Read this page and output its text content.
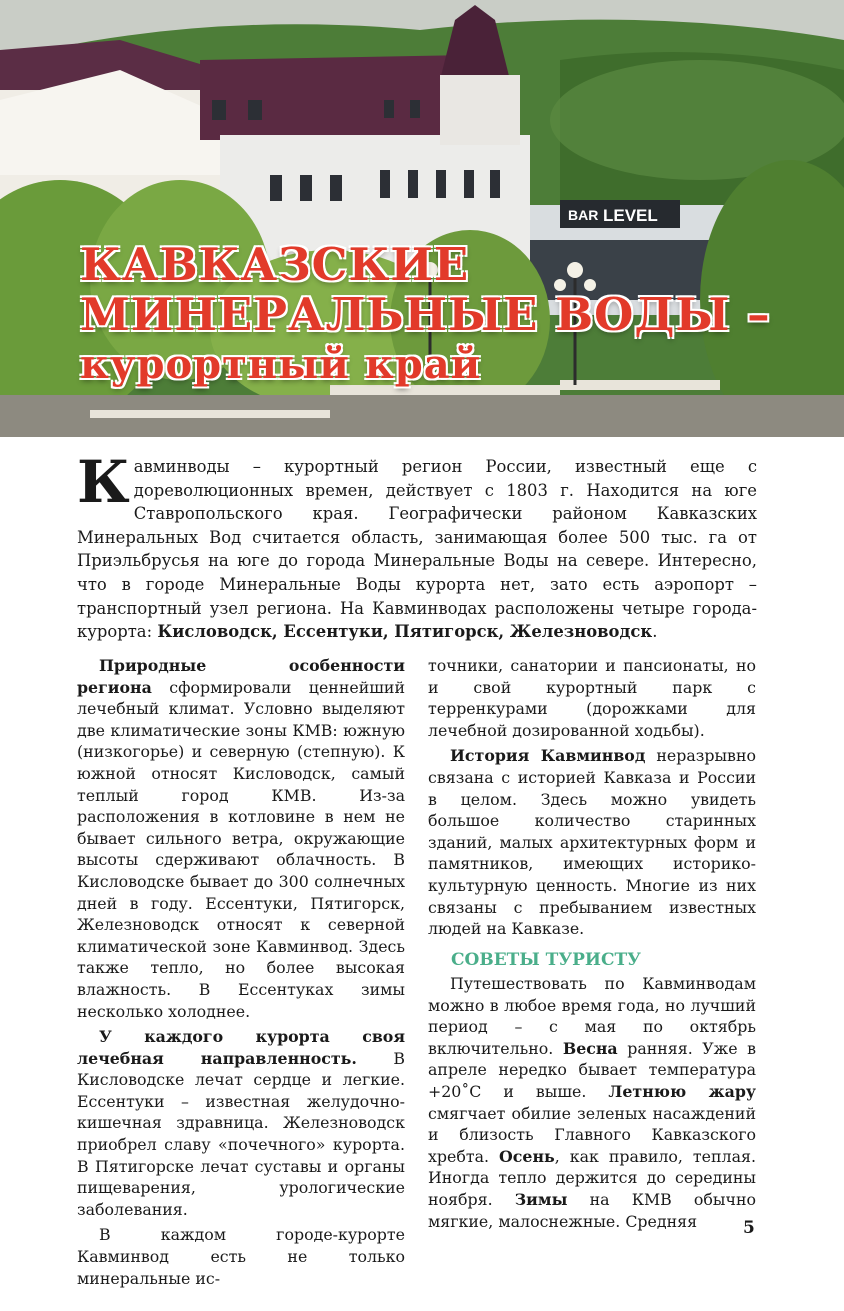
BAR LEVEL
КАВКАЗСКИЕ
МИНЕРАЛЬНЫЕ ВОДЫ –
курортный край

Кавминводы – курортный регион России, известный еще с дореволюционных времен, действует с 1803 г. Находится на юге Ставропольского края. Географически районом Кавказских Минеральных Вод считается область, занимающая более 500 тыс. га от Приэльбрусья на юге до города Минеральные Воды на севере. Интересно, что в городе Минеральные Воды курорта нет, зато есть аэропорт – транспортный узел региона. На Кавминводах расположены четыре города-курорта: Кисловодск, Ессентуки, Пятигорск, Железноводск.

Природные особенности региона сформировали ценнейший лечебный климат. Условно выделяют две климатические зоны КМВ: южную (низкогорье) и северную (степную). К южной относят Кисловодск, самый теплый город КМВ. Из-за расположения в котловине в нем не бывает сильного ветра, окружающие высоты сдерживают облачность. В Кисловодске бывает до 300 солнечных дней в году. Ессентуки, Пятигорск, Железноводск относят к северной климатической зоне Кавминвод. Здесь также тепло, но более высокая влажность. В Ессентуках зимы несколько холоднее.

У каждого курорта своя лечебная направленность. В Кисловодске лечат сердце и легкие. Ессентуки – известная желудочно-кишечная здравница. Железноводск приобрел славу «почечного» курорта. В Пятигорске лечат суставы и органы пищеварения, урологические заболевания.

В каждом городе-курорте Кавминвод есть не только минеральные ис-

точники, санатории и пансионаты, но и свой курортный парк с терренкурами (дорожками для лечебной дозированной ходьбы).

История Кавминвод неразрывно связана с историей Кавказа и России в целом. Здесь можно увидеть большое количество старинных зданий, малых архитектурных форм и памятников, имеющих историко-культурную ценность. Многие из них связаны с пребыванием известных людей на Кавказе.

СОВЕТЫ ТУРИСТУ

Путешествовать по Кавминводам можно в любое время года, но лучший период – с мая по октябрь включительно. Весна ранняя. Уже в апреле нередко бывает температура +20˚С и выше. Летнюю жару смягчает обилие зеленых насаждений и близость Главного Кавказского хребта. Осень, как правило, теплая. Иногда тепло держится до середины ноября. Зимы на КМВ обычно мягкие, малоснежные. Средняя	5
